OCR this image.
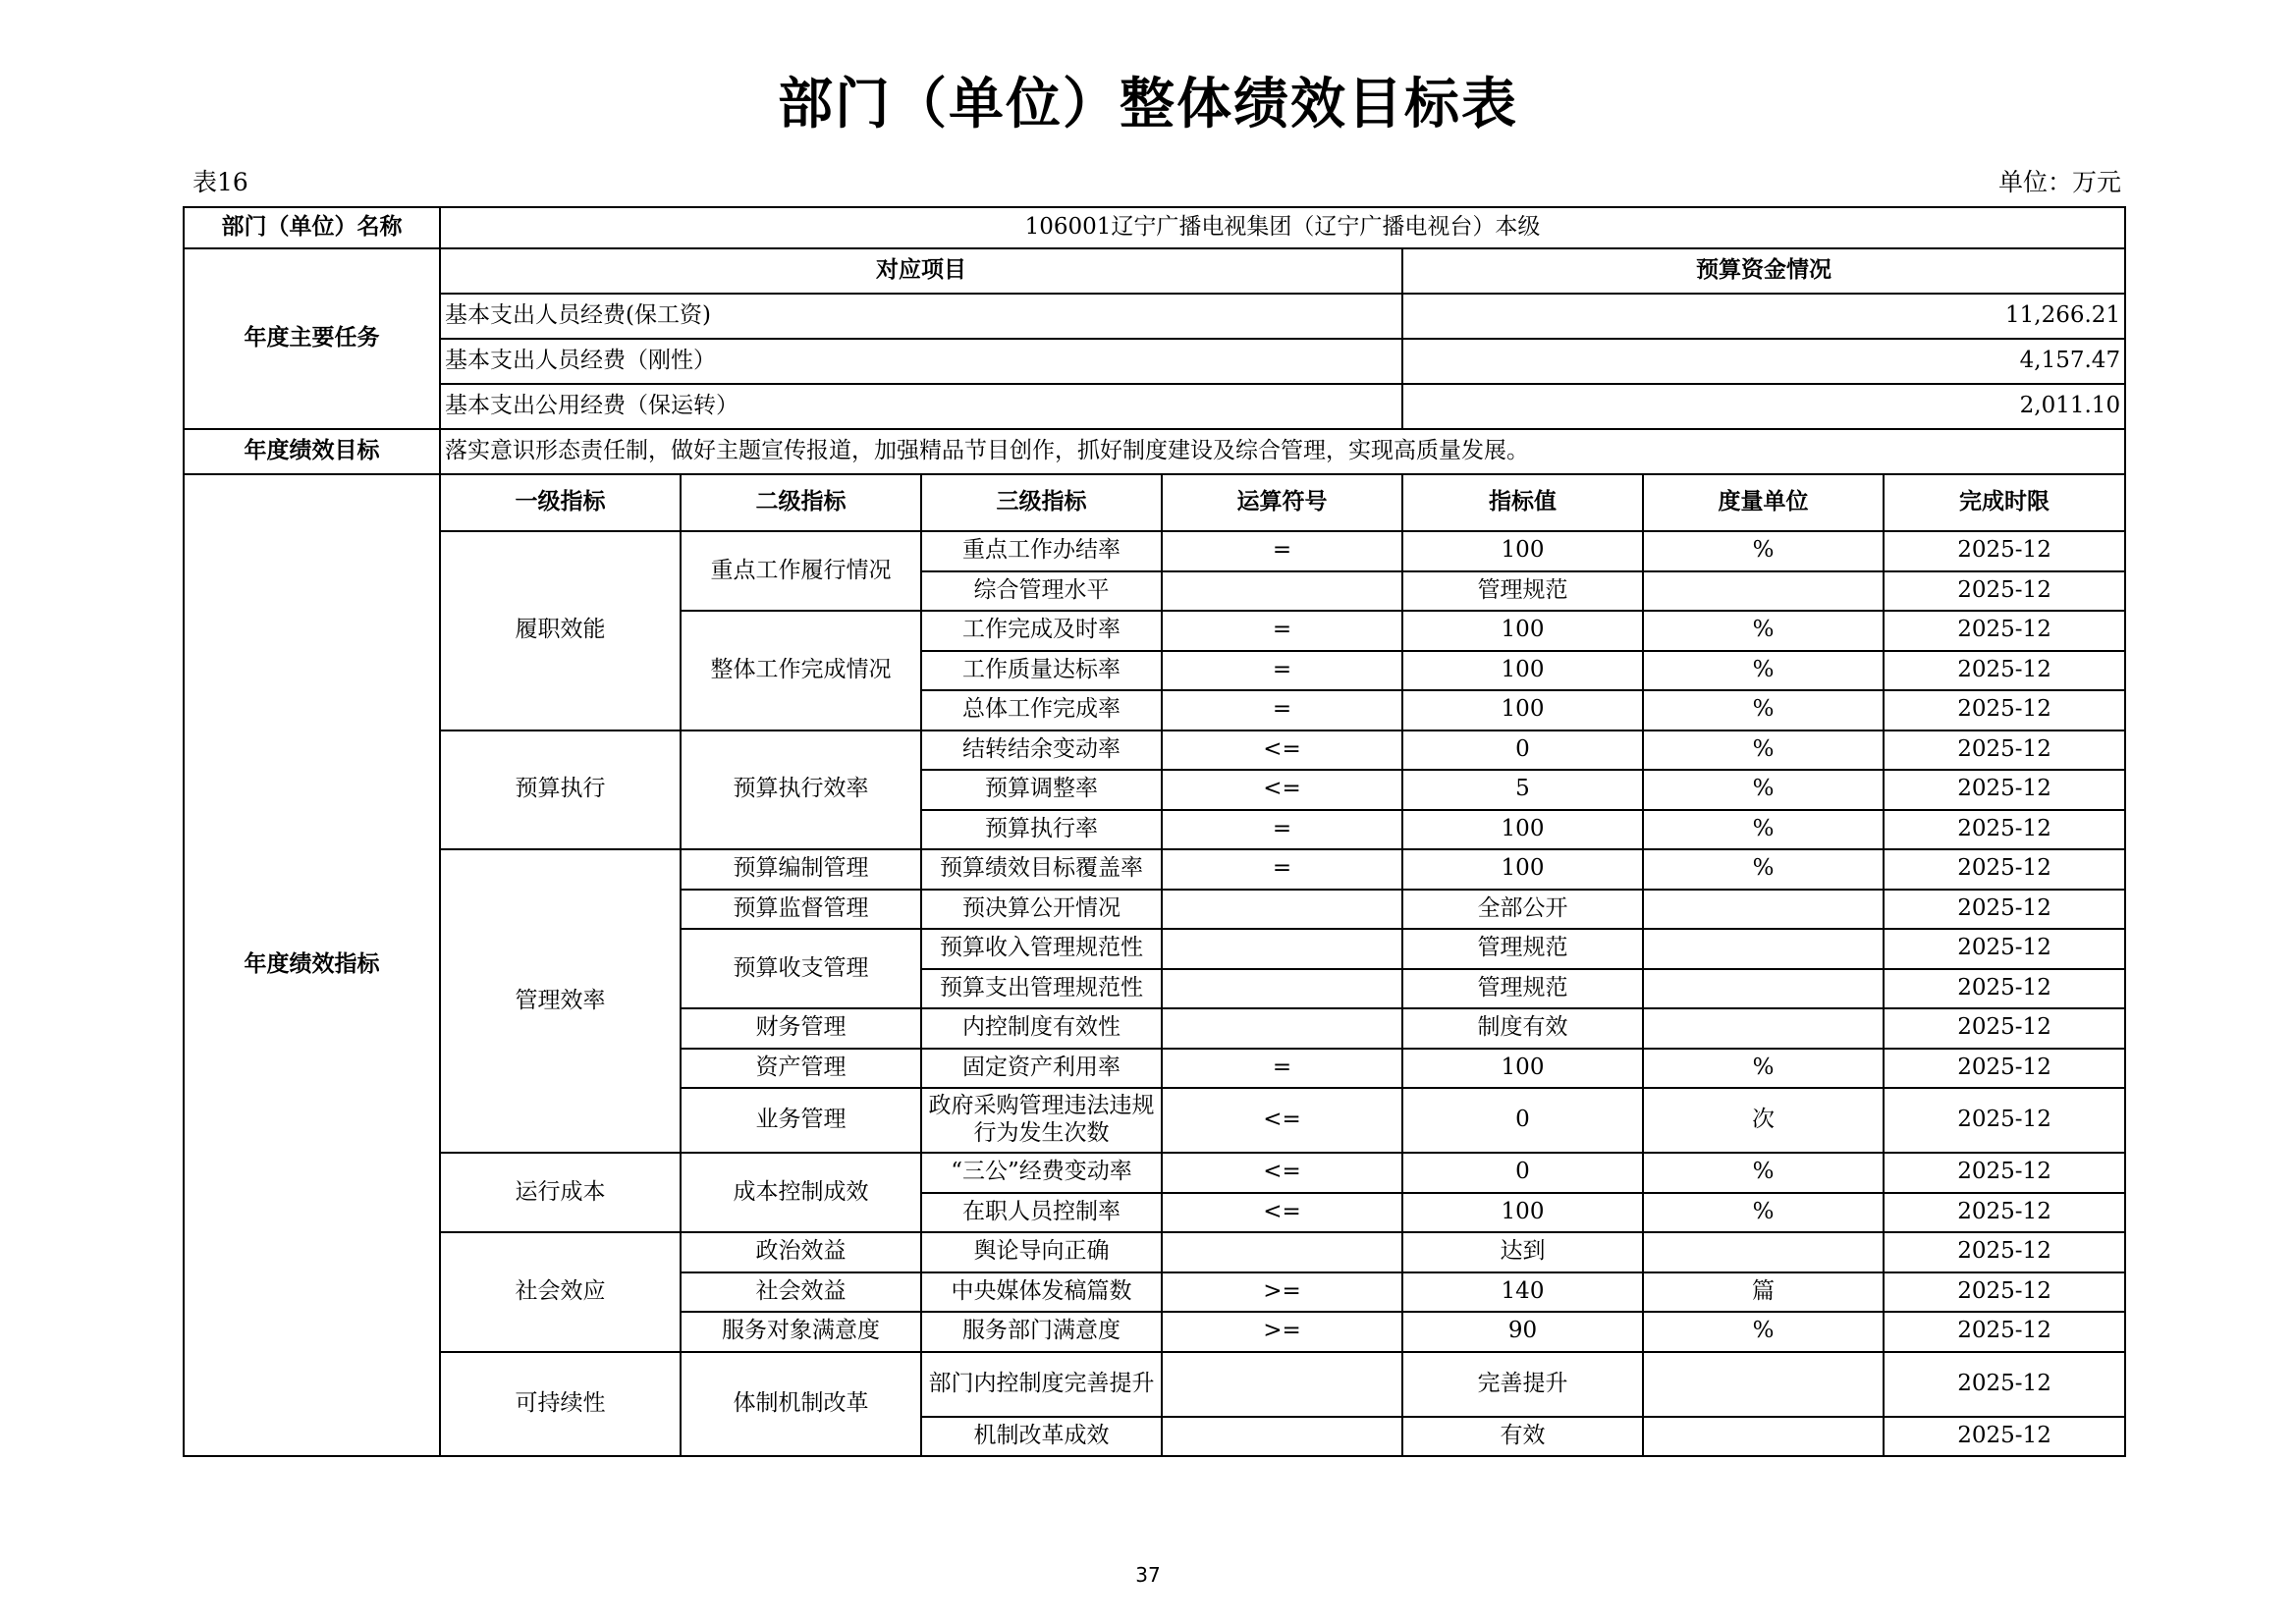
部门（单位）整体绩效目标表
表16	单位：万元
部门（单位）名称	106001辽宁广播电视集团（辽宁广播电视台）本级						
年度主要任务	对应项目				预算资金情况		
	基本支出人员经费(保工资)				11,266.21		
	基本支出人员经费（刚性）				4,157.47		
	基本支出公用经费（保运转）				2,011.10		
年度绩效目标	落实意识形态责任制，做好主题宣传报道，加强精品节目创作，抓好制度建设及综合管理，实现高质量发展。						
年度绩效指标	一级指标	二级指标	三级指标	运算符号	指标值	度量单位	完成时限
	履职效能	重点工作履行情况	重点工作办结率	=	100	%	2025-12
			综合管理水平		管理规范		2025-12
		整体工作完成情况	工作完成及时率	=	100	%	2025-12
			工作质量达标率	=	100	%	2025-12
			总体工作完成率	=	100	%	2025-12
	预算执行	预算执行效率	结转结余变动率	<=	0	%	2025-12
			预算调整率	<=	5	%	2025-12
			预算执行率	=	100	%	2025-12
	管理效率	预算编制管理	预算绩效目标覆盖率	=	100	%	2025-12
		预算监督管理	预决算公开情况		全部公开		2025-12
		预算收支管理	预算收入管理规范性		管理规范		2025-12
			预算支出管理规范性		管理规范		2025-12
		财务管理	内控制度有效性		制度有效		2025-12
		资产管理	固定资产利用率	=	100	%	2025-12
		业务管理	政府采购管理违法违规行为发生次数	<=	0	次	2025-12
	运行成本	成本控制成效	“三公”经费变动率	<=	0	%	2025-12
			在职人员控制率	<=	100	%	2025-12
	社会效应	政治效益	舆论导向正确		达到		2025-12
		社会效益	中央媒体发稿篇数	>=	140	篇	2025-12
		服务对象满意度	服务部门满意度	>=	90	%	2025-12
	可持续性	体制机制改革	部门内控制度完善提升		完善提升		2025-12
			机制改革成效		有效		2025-12
37
